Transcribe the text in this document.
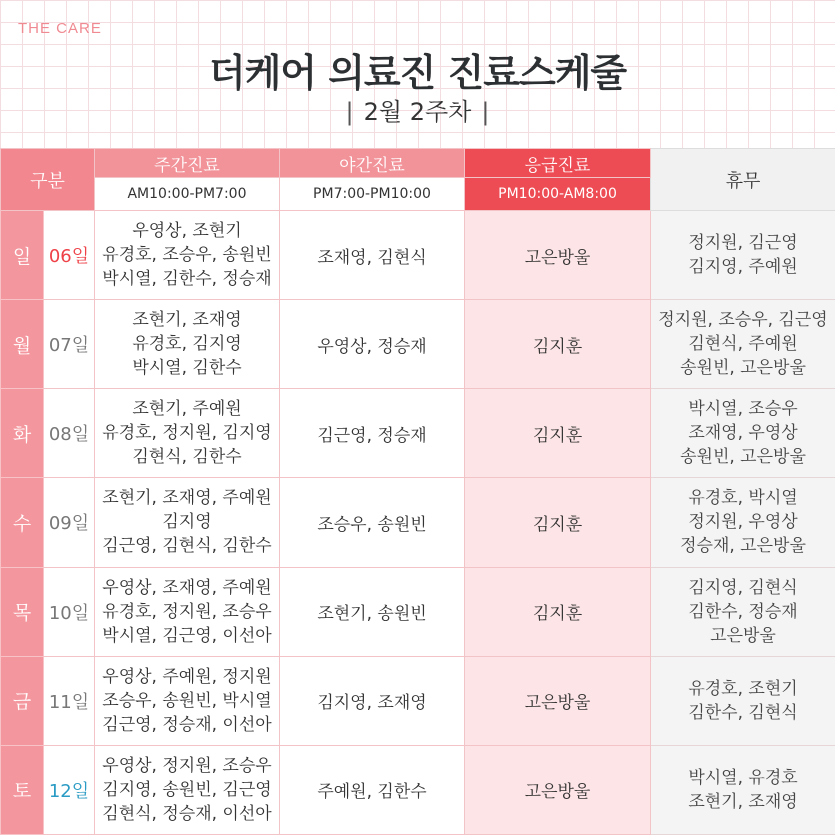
THE CARE
더케어 의료진 진료스케줄
| 2월 2주차 |
구분		주간진료	야간진료	응급진료	휴무
		AM10:00-PM7:00	PM7:00-PM10:00	PM10:00-AM8:00	
일	06일	우영상, 조현기
유경호, 조승우, 송원빈
박시열, 김한수, 정승재	조재영, 김현식	고은방울	정지원, 김근영
김지영, 주예원

월	07일	조현기, 조재영
유경호, 김지영
박시열, 김한수	우영상, 정승재	김지훈	정지원, 조승우, 김근영
김현식, 주예원
송원빈, 고은방울

화	08일	조현기, 주예원
유경호, 정지원, 김지영
김현식, 김한수	김근영, 정승재	김지훈	박시열, 조승우
조재영, 우영상
송원빈, 고은방울

수	09일	조현기, 조재영, 주예원
김지영
김근영, 김현식, 김한수	조승우, 송원빈	김지훈	유경호, 박시열
정지원, 우영상
정승재, 고은방울

목	10일	우영상, 조재영, 주예원
유경호, 정지원, 조승우
박시열, 김근영, 이선아	조현기, 송원빈	김지훈	김지영, 김현식
김한수, 정승재
고은방울

금	11일	우영상, 주예원, 정지원
조승우, 송원빈, 박시열
김근영, 정승재, 이선아	김지영, 조재영	고은방울	유경호, 조현기
김한수, 김현식

토	12일	우영상, 정지원, 조승우
김지영, 송원빈, 김근영
김현식, 정승재, 이선아	주예원, 김한수	고은방울	박시열, 유경호
조현기, 조재영
